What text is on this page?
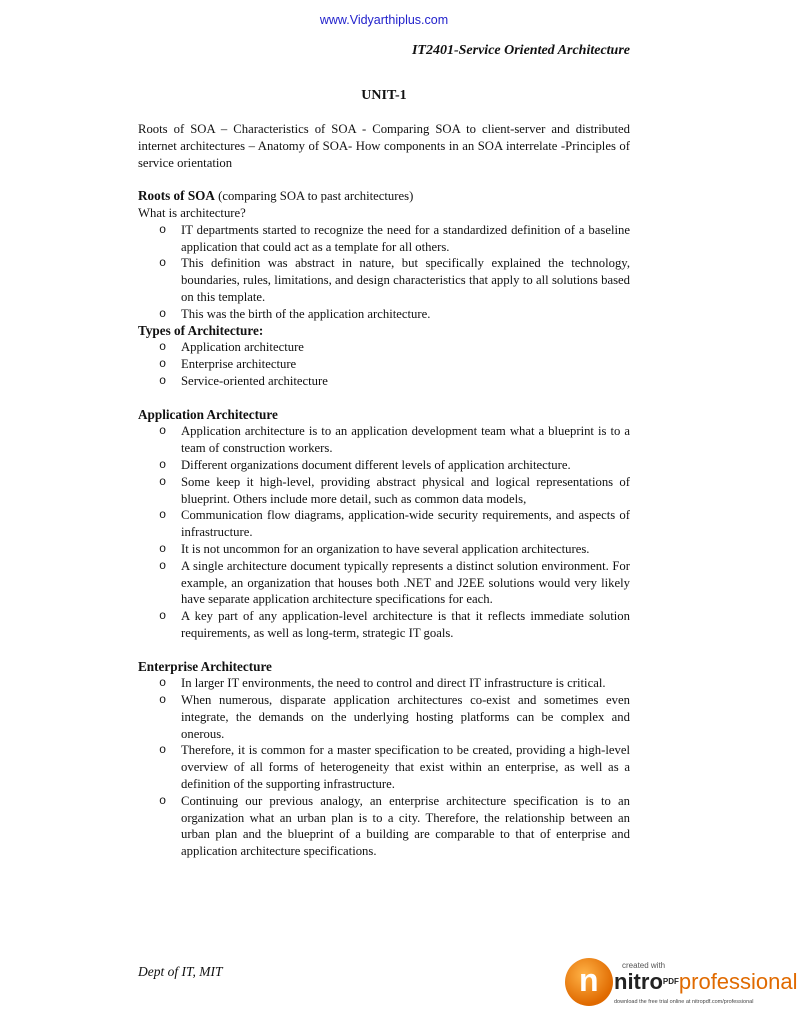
www.Vidyarthiplus.com
IT2401-Service Oriented Architecture
UNIT-1

Roots of SOA – Characteristics of SOA - Comparing SOA to client-server and distributed internet architectures – Anatomy of SOA- How components in an SOA interrelate -Principles of service orientation

Roots of SOA (comparing SOA to past architectures)

What is architecture?

o IT departments started to recognize the need for a standardized definition of a baseline application that could act as a template for all others.
o This definition was abstract in nature, but specifically explained the technology, boundaries, rules, limitations, and design characteristics that apply to all solutions based on this template.
o This was the birth of the application architecture.

Types of Architecture:

o Application architecture
o Enterprise architecture
o Service-oriented architecture

Application Architecture

o Application architecture is to an application development team what a blueprint is to a team of construction workers.
o Different organizations document different levels of application architecture.
o Some keep it high-level, providing abstract physical and logical representations of blueprint. Others include more detail, such as common data models,
o Communication flow diagrams, application-wide security requirements, and aspects of infrastructure.
o It is not uncommon for an organization to have several application architectures.
o A single architecture document typically represents a distinct solution environment. For example, an organization that houses both .NET and J2EE solutions would very likely have separate application architecture specifications for each.
o A key part of any application-level architecture is that it reflects immediate solution requirements, as well as long-term, strategic IT goals.

Enterprise Architecture

o In larger IT environments, the need to control and direct IT infrastructure is critical.
o When numerous, disparate application architectures co-exist and sometimes even integrate, the demands on the underlying hosting platforms can be complex and onerous.
o Therefore, it is common for a master specification to be created, providing a high-level overview of all forms of heterogeneity that exist within an enterprise, as well as a definition of the supporting infrastructure.
o Continuing our previous analogy, an enterprise architecture specification is to an organization what an urban plan is to a city. Therefore, the relationship between an urban plan and the blueprint of a building are comparable to that of enterprise and application architecture specifications.
Dept of IT, MIT	n	created with
nitro$^{PDF}$professional
download the free trial online at nitropdf.com/professional
